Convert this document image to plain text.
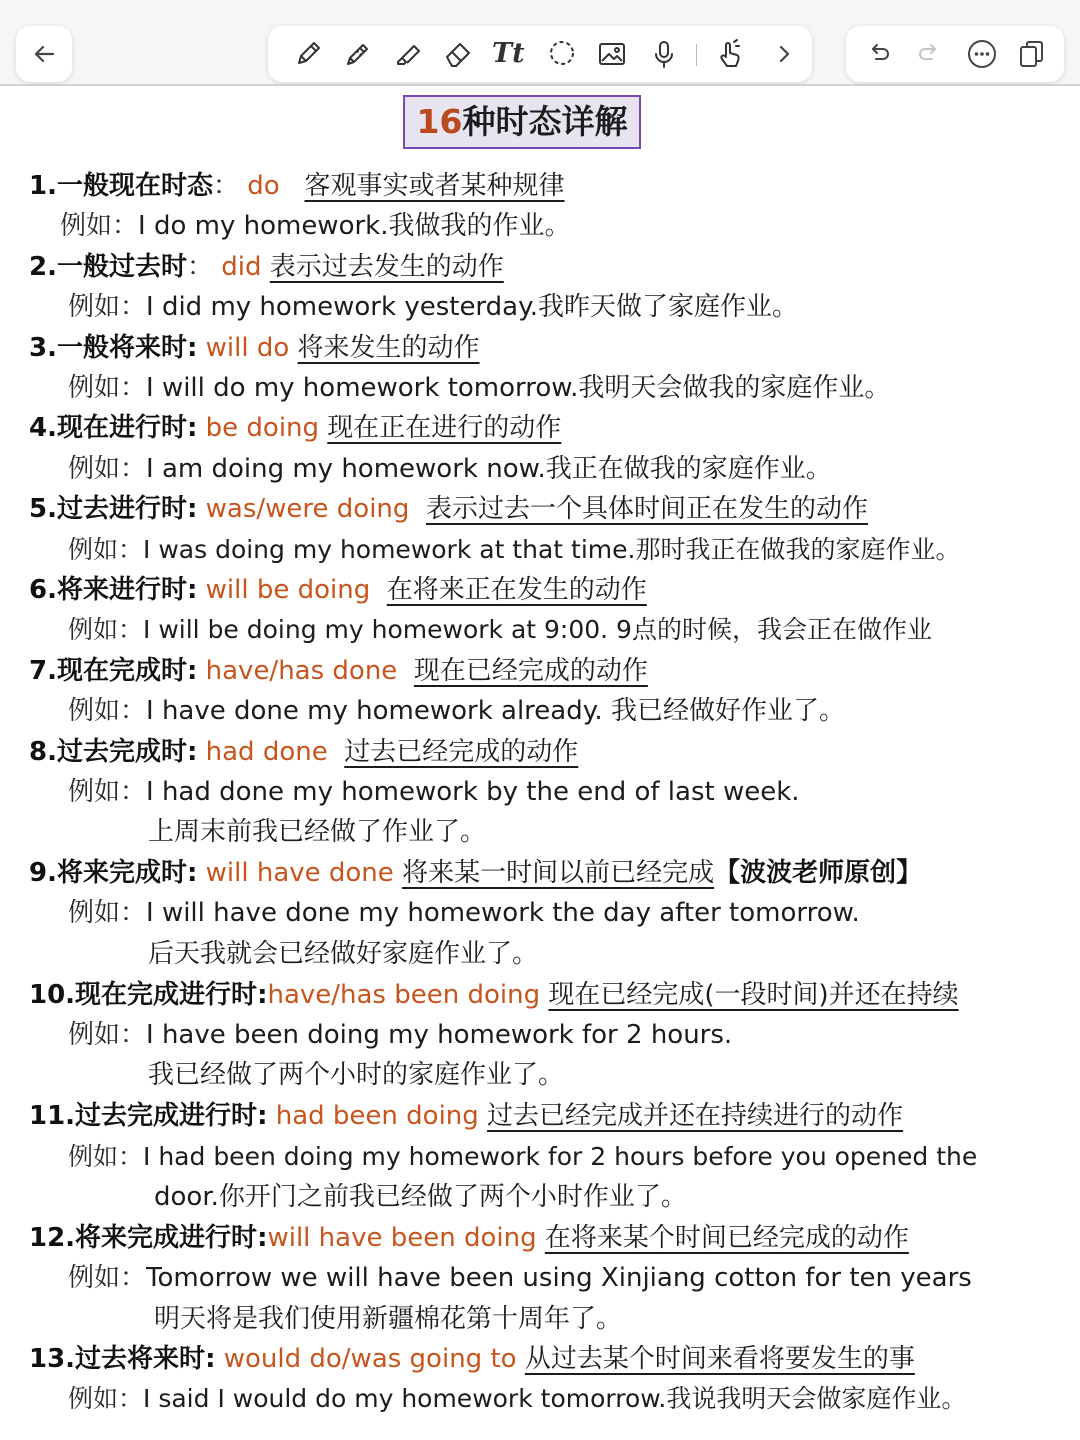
Tt
16种时态详解
1.一般现在时态： do 客观事实或者某种规律
例如：I do my homework.我做我的作业。
2.一般过去时： did 表示过去发生的动作
例如：I did my homework yesterday.我昨天做了家庭作业。
3.一般将来时: will do 将来发生的动作
例如：I will do my homework tomorrow.我明天会做我的家庭作业。
4.现在进行时: be doing 现在正在进行的动作
例如：I am doing my homework now.我正在做我的家庭作业。
5.过去进行时: was/were doing 表示过去一个具体时间正在发生的动作
例如：I was doing my homework at that time.那时我正在做我的家庭作业。
6.将来进行时: will be doing 在将来正在发生的动作
例如：I will be doing my homework at 9:00. 9点的时候，我会正在做作业
7.现在完成时: have/has done 现在已经完成的动作
例如：I have done my homework already. 我已经做好作业了。
8.过去完成时: had done 过去已经完成的动作
例如：I had done my homework by the end of last week.
上周末前我已经做了作业了。
9.将来完成时: will have done 将来某一时间以前已经完成【波波老师原创】
例如：I will have done my homework the day after tomorrow.
后天我就会已经做好家庭作业了。
10.现在完成进行时:have/has been doing 现在已经完成(一段时间)并还在持续
例如：I have been doing my homework for 2 hours.
我已经做了两个小时的家庭作业了。
11.过去完成进行时: had been doing 过去已经完成并还在持续进行的动作
例如：I had been doing my homework for 2 hours before you opened the
door.你开门之前我已经做了两个小时作业了。
12.将来完成进行时:will have been doing 在将来某个时间已经完成的动作
例如：Tomorrow we will have been using Xinjiang cotton for ten years
明天将是我们使用新疆棉花第十周年了。
13.过去将来时: would do/was going to 从过去某个时间来看将要发生的事
例如：I said I would do my homework tomorrow.我说我明天会做家庭作业。
